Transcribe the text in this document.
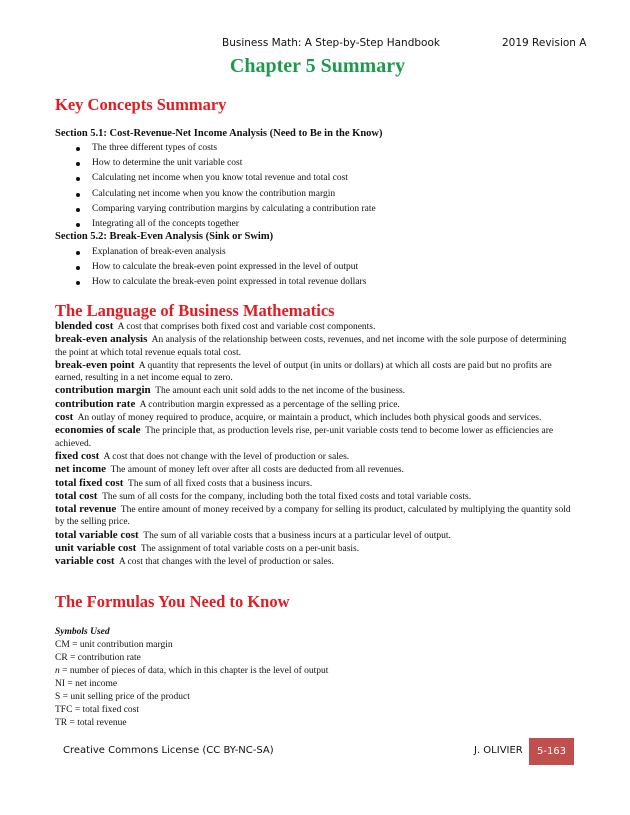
Business Math: A Step-by-Step Handbook	2019 Revision A
Chapter 5 Summary
Key Concepts Summary
Section 5.1: Cost-Revenue-Net Income Analysis (Need to Be in the Know)
The three different types of costs
How to determine the unit variable cost
Calculating net income when you know total revenue and total cost
Calculating net income when you know the contribution margin
Comparing varying contribution margins by calculating a contribution rate
Integrating all of the concepts together
Section 5.2: Break-Even Analysis (Sink or Swim)
Explanation of break-even analysis
How to calculate the break-even point expressed in the level of output
How to calculate the break-even point expressed in total revenue dollars
The Language of Business Mathematics

blended cost A cost that comprises both fixed cost and variable cost components.

break-even analysis An analysis of the relationship between costs, revenues, and net income with the sole purpose of determining the point at which total revenue equals total cost.

break-even point A quantity that represents the level of output (in units or dollars) at which all costs are paid but no profits are earned, resulting in a net income equal to zero.

contribution margin The amount each unit sold adds to the net income of the business.

contribution rate A contribution margin expressed as a percentage of the selling price.

cost An outlay of money required to produce, acquire, or maintain a product, which includes both physical goods and services.

economies of scale The principle that, as production levels rise, per-unit variable costs tend to become lower as efficiencies are achieved.

fixed cost A cost that does not change with the level of production or sales.

net income The amount of money left over after all costs are deducted from all revenues.

total fixed cost The sum of all fixed costs that a business incurs.

total cost The sum of all costs for the company, including both the total fixed costs and total variable costs.

total revenue The entire amount of money received by a company for selling its product, calculated by multiplying the quantity sold by the selling price.

total variable cost The sum of all variable costs that a business incurs at a particular level of output.

unit variable cost The assignment of total variable costs on a per-unit basis.

variable cost A cost that changes with the level of production or sales.

The Formulas You Need to Know
Symbols Used
CM = unit contribution margin
CR = contribution rate
n = number of pieces of data, which in this chapter is the level of output
NI = net income
S = unit selling price of the product
TFC = total fixed cost
TR = total revenue
Creative Commons License (CC BY-NC-SA)	J. OLIVIER	5-163
